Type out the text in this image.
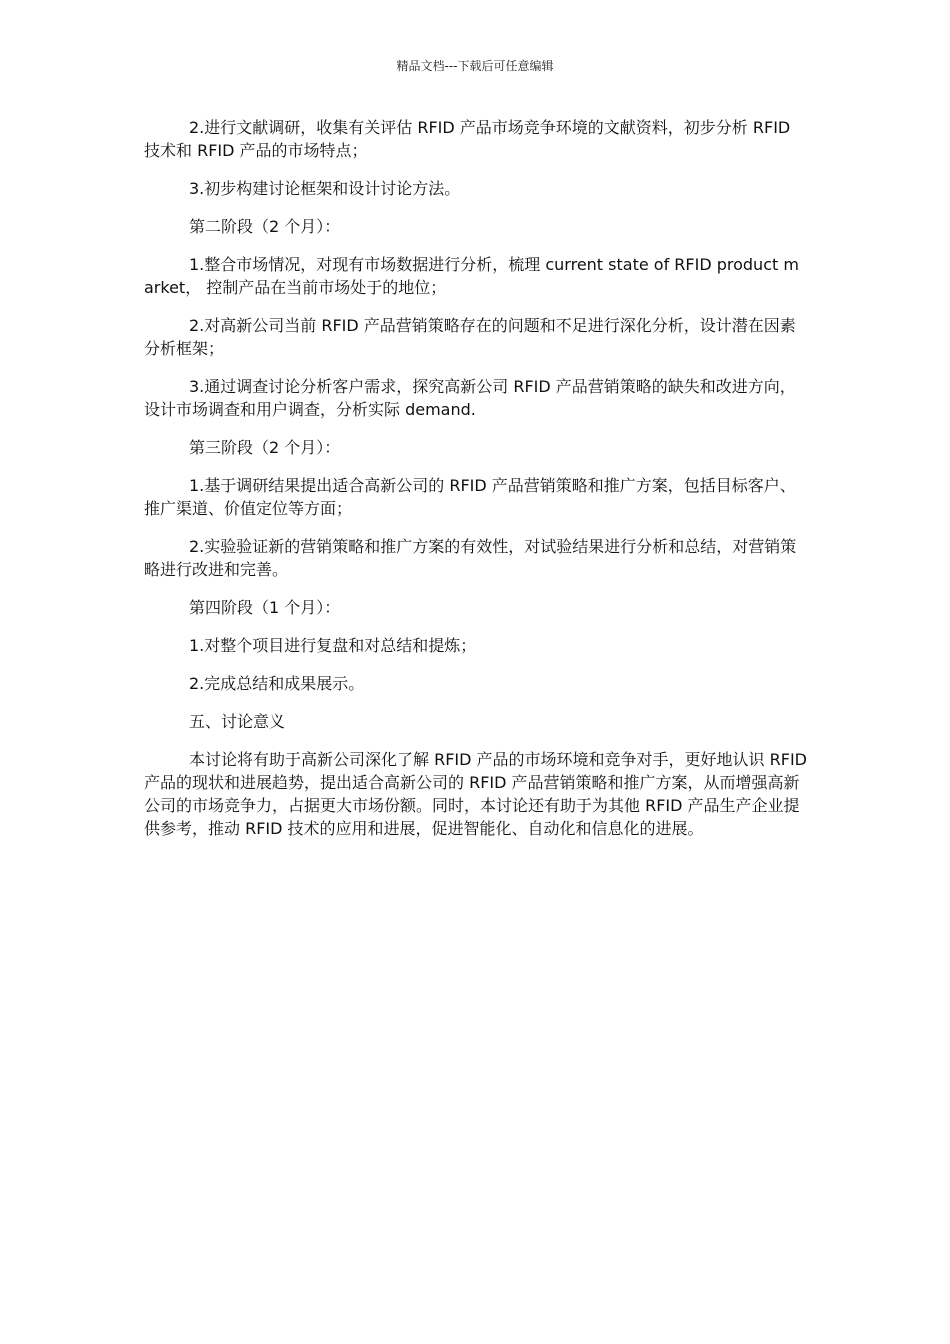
精品文档---下载后可任意编辑

2.进行文献调研，收集有关评估 RFID 产品市场竞争环境的文献资料，初步分析 RFID 技术和 RFID 产品的市场特点；

3.初步构建讨论框架和设计讨论方法。

第二阶段（2 个月）：

1.整合市场情况，对现有市场数据进行分析，梳理 current state of RFID product market， 控制产品在当前市场处于的地位；

2.对高新公司当前 RFID 产品营销策略存在的问题和不足进行深化分析，设计潜在因素分析框架；

3.通过调查讨论分析客户需求，探究高新公司 RFID 产品营销策略的缺失和改进方向，设计市场调查和用户调查，分析实际 demand.

第三阶段（2 个月）：

1.基于调研结果提出适合高新公司的 RFID 产品营销策略和推广方案，包括目标客户、推广渠道、价值定位等方面；

2.实验验证新的营销策略和推广方案的有效性，对试验结果进行分析和总结，对营销策略进行改进和完善。

第四阶段（1 个月）：

1.对整个项目进行复盘和对总结和提炼；

2.完成总结和成果展示。

五、讨论意义

本讨论将有助于高新公司深化了解 RFID 产品的市场环境和竞争对手，更好地认识 RFID 产品的现状和进展趋势，提出适合高新公司的 RFID 产品营销策略和推广方案，从而增强高新公司的市场竞争力，占据更大市场份额。同时，本讨论还有助于为其他 RFID 产品生产企业提供参考，推动 RFID 技术的应用和进展，促进智能化、自动化和信息化的进展。
